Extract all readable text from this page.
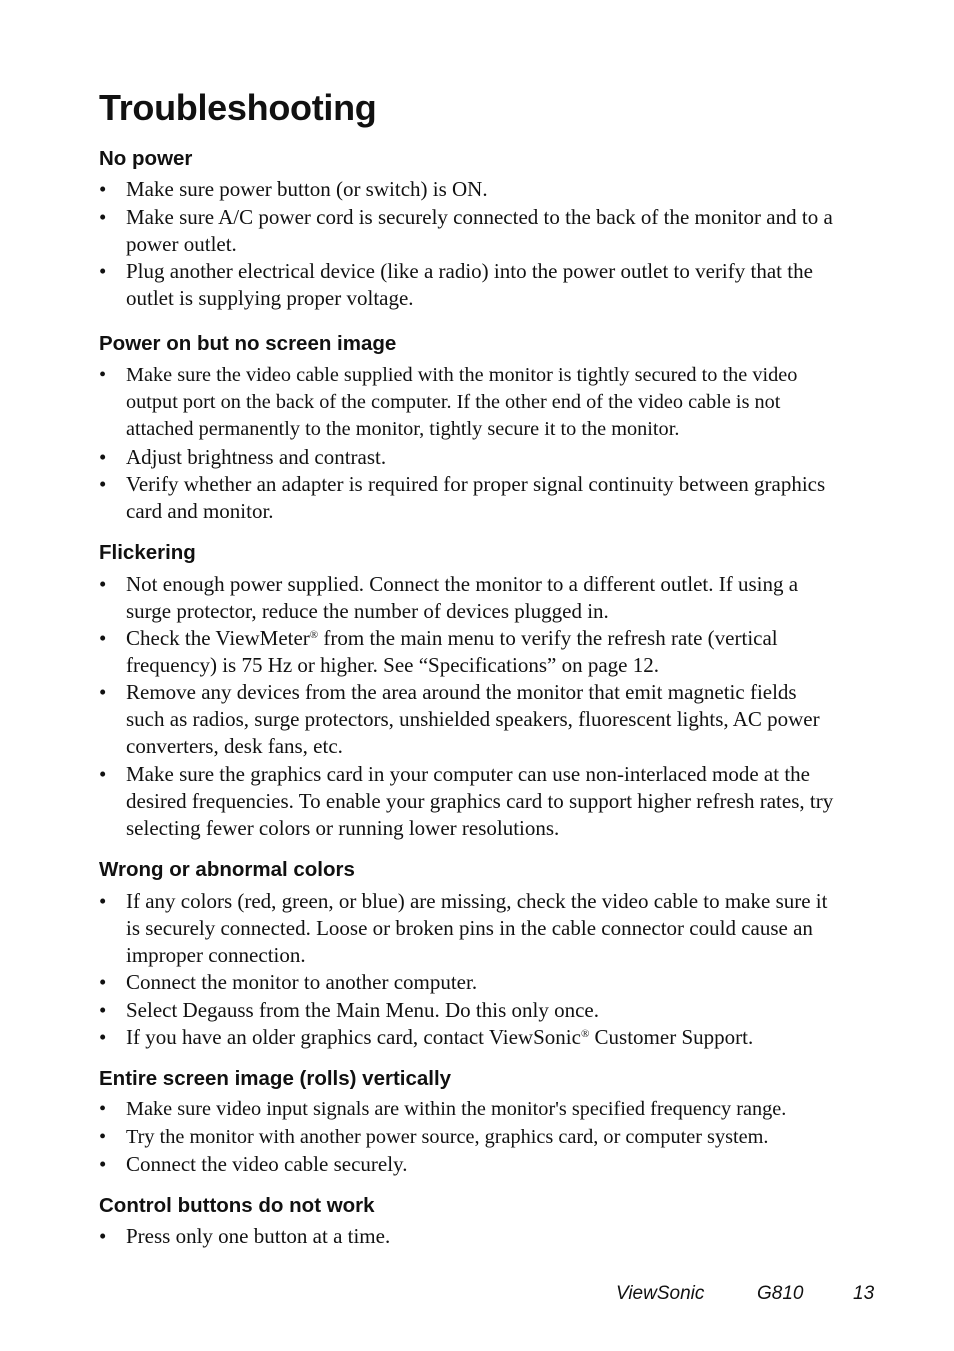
Troubleshooting
No power
• Make sure power button (or switch) is ON.
• Make sure A/C power cord is securely connected to the back of the monitor and to a power outlet.
• Plug another electrical device (like a radio) into the power outlet to verify that the outlet is supplying proper voltage.
Power on but no screen image
• Make sure the video cable supplied with the monitor is tightly secured to the video output port on the back of the computer. If the other end of the video cable is not attached permanently to the monitor, tightly secure it to the monitor.
• Adjust brightness and contrast.
• Verify whether an adapter is required for proper signal continuity between graphics card and monitor.
Flickering
• Not enough power supplied. Connect the monitor to a different outlet. If using a surge protector, reduce the number of devices plugged in.
• Check the ViewMeter® from the main menu to verify the refresh rate (vertical frequency) is 75 Hz or higher. See “Specifications” on page 12.
• Remove any devices from the area around the monitor that emit magnetic fields such as radios, surge protectors, unshielded speakers, fluorescent lights, AC power converters, desk fans, etc.
• Make sure the graphics card in your computer can use non-interlaced mode at the desired frequencies. To enable your graphics card to support higher refresh rates, try selecting fewer colors or running lower resolutions.
Wrong or abnormal colors
• If any colors (red, green, or blue) are missing, check the video cable to make sure it is securely connected. Loose or broken pins in the cable connector could cause an improper connection.
• Connect the monitor to another computer.
• Select Degauss from the Main Menu. Do this only once.
• If you have an older graphics card, contact ViewSonic® Customer Support.
Entire screen image (rolls) vertically
• Make sure video input signals are within the monitor's specified frequency range.
• Try the monitor with another power source, graphics card, or computer system.
• Connect the video cable securely.
Control buttons do not work
• Press only one button at a time.
ViewSonic	G810	13
